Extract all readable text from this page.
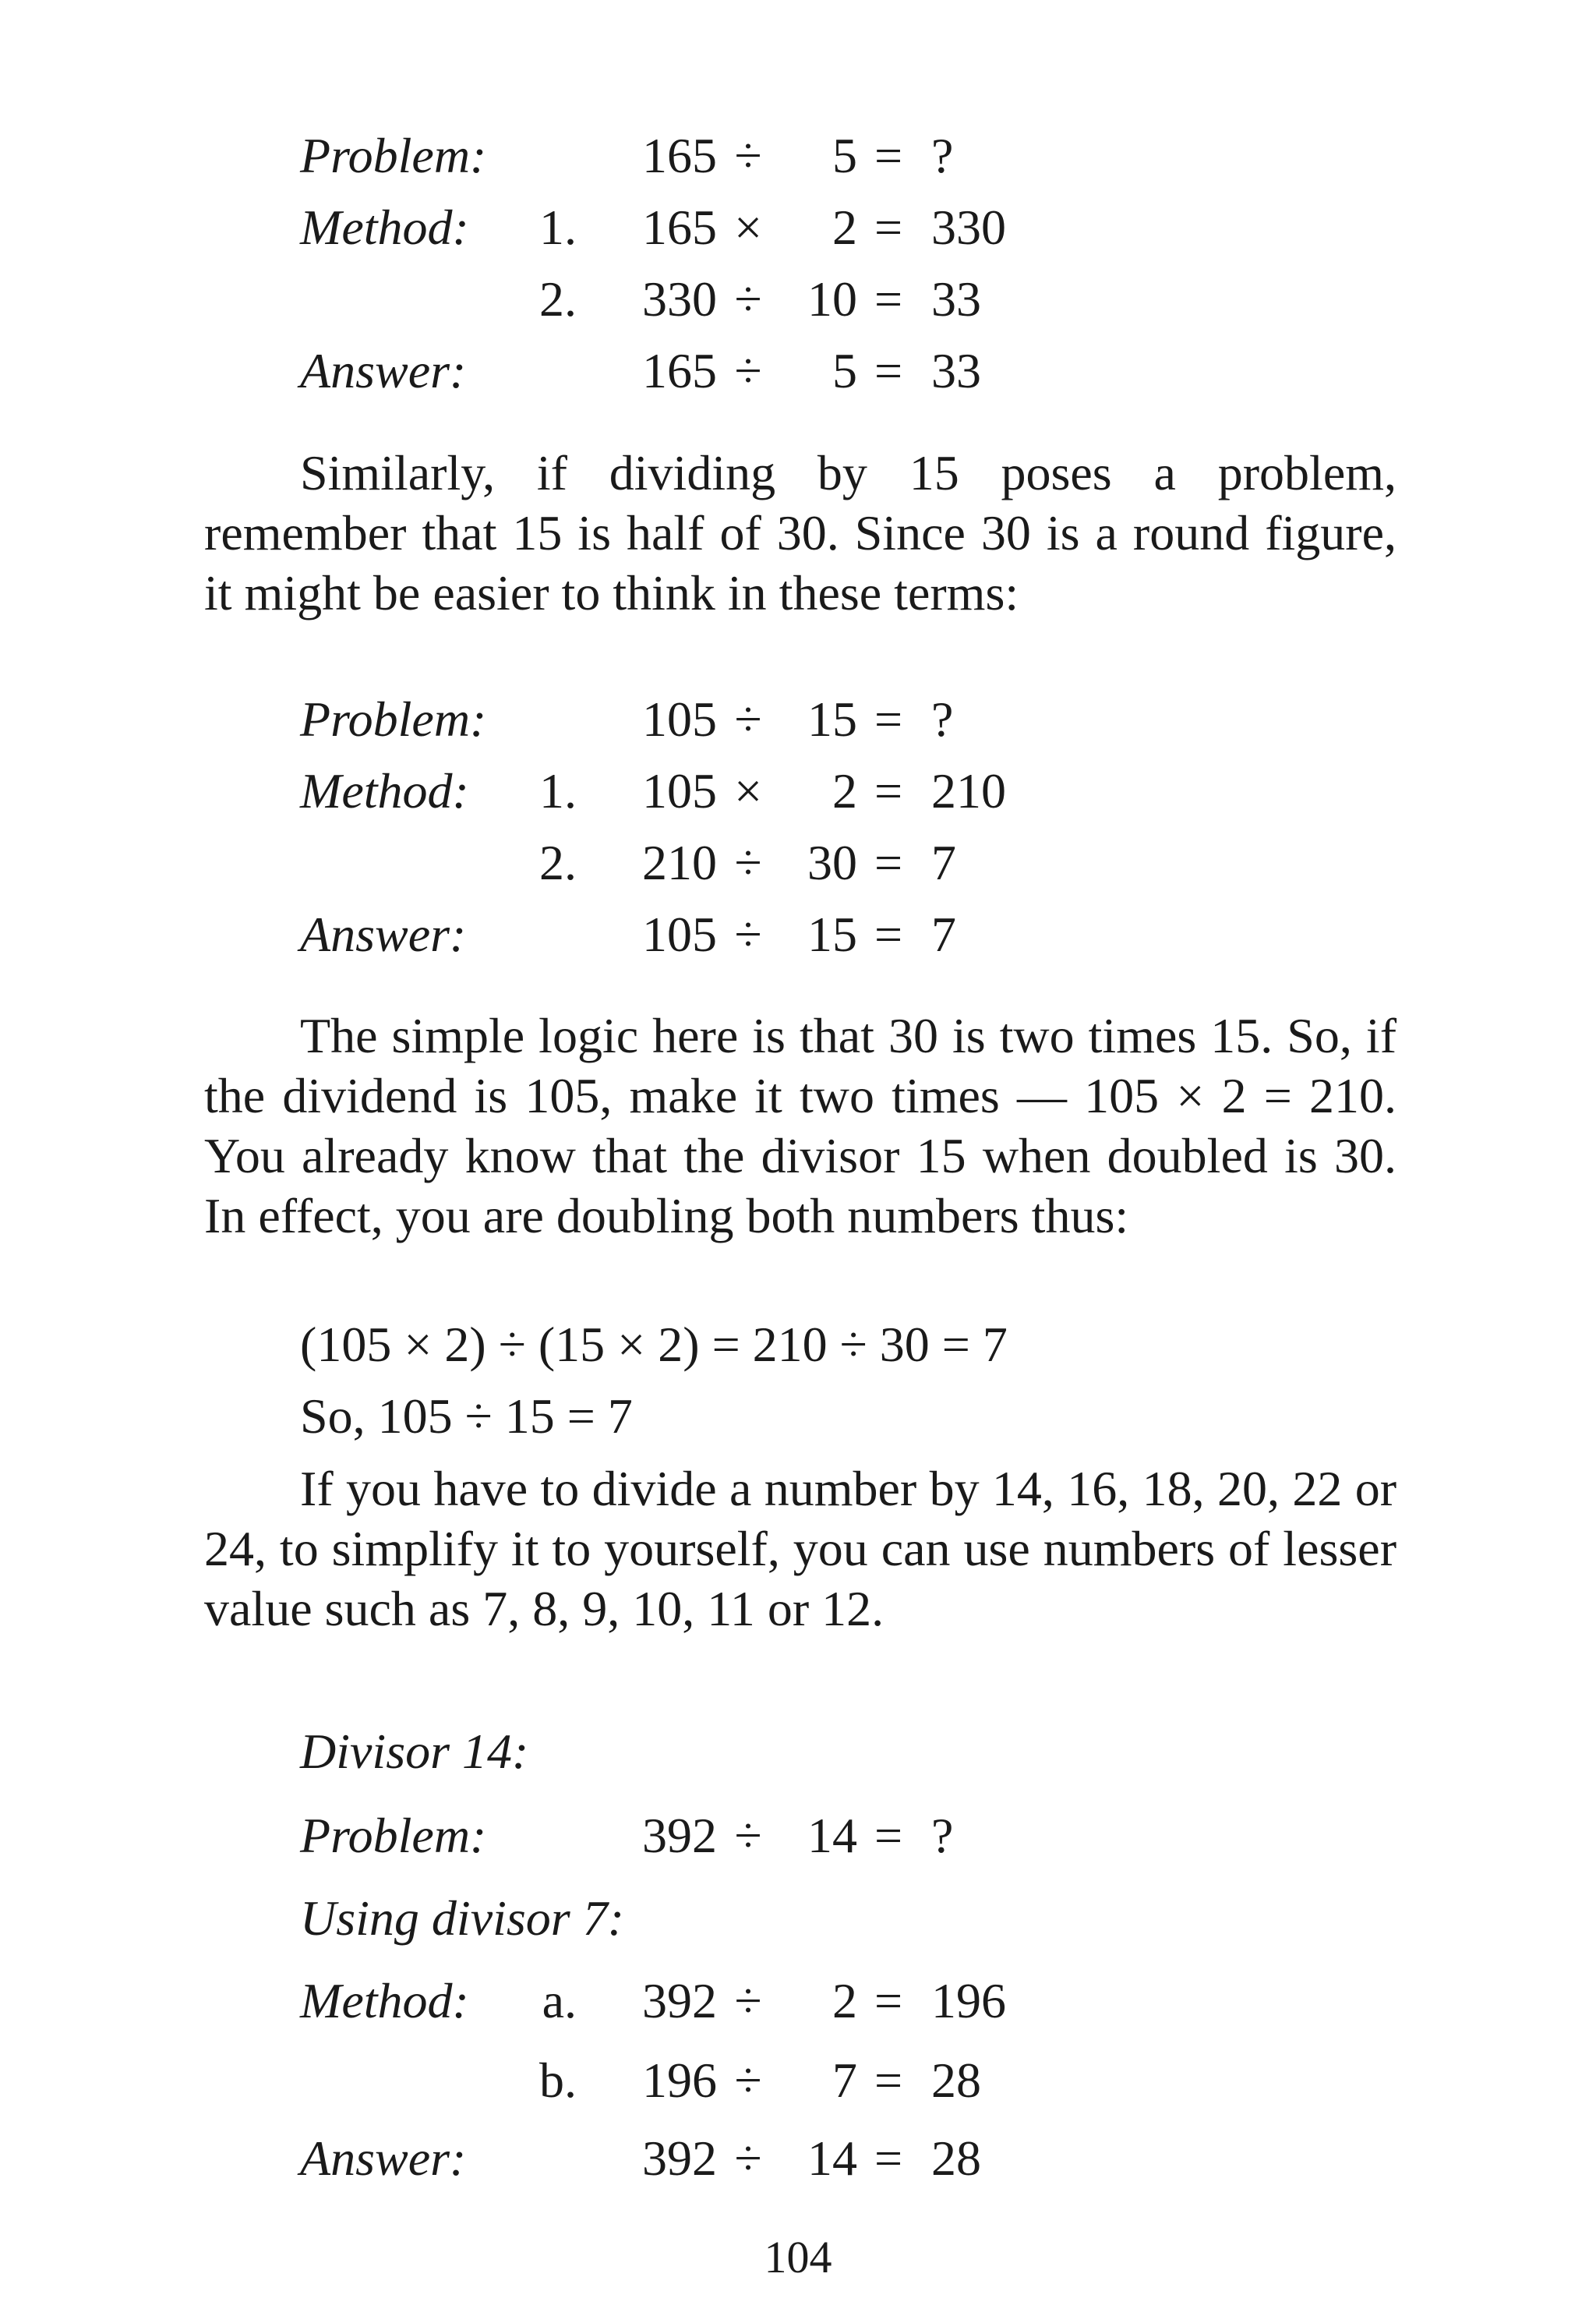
Problem:	165 ÷	5 = ?
Method:	1.	165 ×	2 = 330
2.	330 ÷ 10 = 33
Answer:	165 ÷	5 = 33

Similarly, if dividing by 15 poses a problem, remember that 15 is half of 30. Since 30 is a round figure, it might be easier to think in these terms:

Problem:	105 ÷ 15 = ?
Method:	1.	105 ×	2 = 210
2.	210 ÷ 30 = 7
Answer:	105 ÷ 15 = 7

The simple logic here is that 30 is two times 15. So, if the dividend is 105, make it two times — 105 × 2 = 210. You already know that the divisor 15 when doubled is 30. In effect, you are doubling both numbers thus:

(105 × 2) ÷ (15 × 2) = 210 ÷ 30 = 7
So, 105 ÷ 15 = 7

If you have to divide a number by 14, 16, 18, 20, 22 or 24, to simplify it to yourself, you can use numbers of lesser value such as 7, 8, 9, 10, 11 or 12.

Divisor 14:
Problem:	392 ÷ 14 = ?
Using divisor 7:
Method:	a.	392 ÷	2 = 196
b.	196 ÷	7 = 28
Answer:	392 ÷ 14 = 28
104
